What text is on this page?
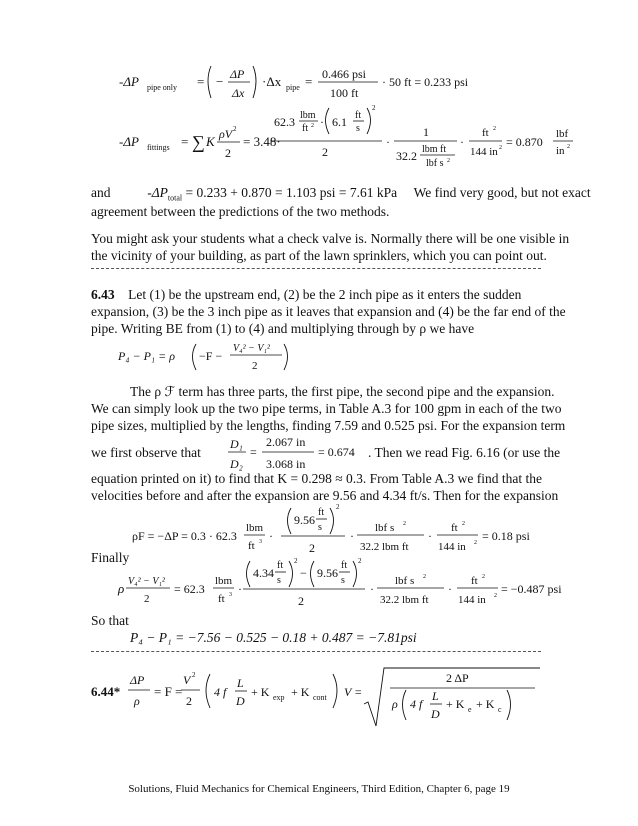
-ΔP pipe only = − ΔP
Δx
·Δx pipe = 0.466 psi
100 ft
· 50 ft = 0.233 psi
-ΔP fittings = ∑ K ρV 2
2
= 3.48·
62.3 lbm
ft 2 · 6.1 ft
s
2
2
·
1
32.2 lbm ft
lbf s 2
·
ft 2
144 in 2 = 0.870
lbf
in 2
and	$-\Delta P_{total} = 0.233 + 0.870 = 1.103$ psi = 7.61 kPa We find very good, but not exact
agreement between the predictions of the two methods.
You might ask your students what a check valve is. Normally there will be one visible in
the vicinity of your building, as part of the lawn sprinklers, which you can point out.
6.43 Let (1) be the upstream end, (2) be the 2 inch pipe as it enters the sudden
expansion, (3) be the 3 inch pipe as it leaves that expansion and (4) be the far end of the
pipe. Writing BE from (1) to (4) and multiplying through by ρ we have
P₄ − P₁ = ρ −F −
V₄² − V₁²
2
The ρ ℱ term has three parts, the first pipe, the second pipe and the expansion.
We can simply look up the two pipe terms, in Table A.3 for 100 gpm in each of the two
pipe sizes, multiplied by the lengths, finding 7.59 and 0.525 psi. For the expansion term
we first observe that
D₁
D₂
=
2.067 in
3.068 in
= 0.674 . Then we read Fig. 6.16 (or use the
equation printed on it) to find that K = 0.298 ≈ 0.3. From Table A.3 we find that the
velocities before and after the expansion are 9.56 and 4.34 ft/s. Then for the expansion
ρF = −ΔP = 0.3 · 62.3
lbm
ft 3 ·
9.56
ft
s
2
2
·
lbf s 2
32.2 lbm ft
·
ft 2
144 in 2 = 0.18 psi
Finally
ρ V₄² − V₁²
2
= 62.3
lbm
ft 3 ·
4.34
ft
s
2
− 9.56
ft
s
2
2
·
lbf s 2
32.2 lbm ft
·
ft 2
144 in 2 = −0.487 psi
So that
P₄ − P₁ = −7.56 − 0.525 − 0.18 + 0.487 = −7.81psi
6.44*
ΔP
ρ
= F =
V 2
2
4 f
L
D
+ K exp + K cont V =
2 ΔP
ρ 4 f
L
D
+ K e + K c
Solutions, Fluid Mechanics for Chemical Engineers, Third Edition, Chapter 6, page 19
